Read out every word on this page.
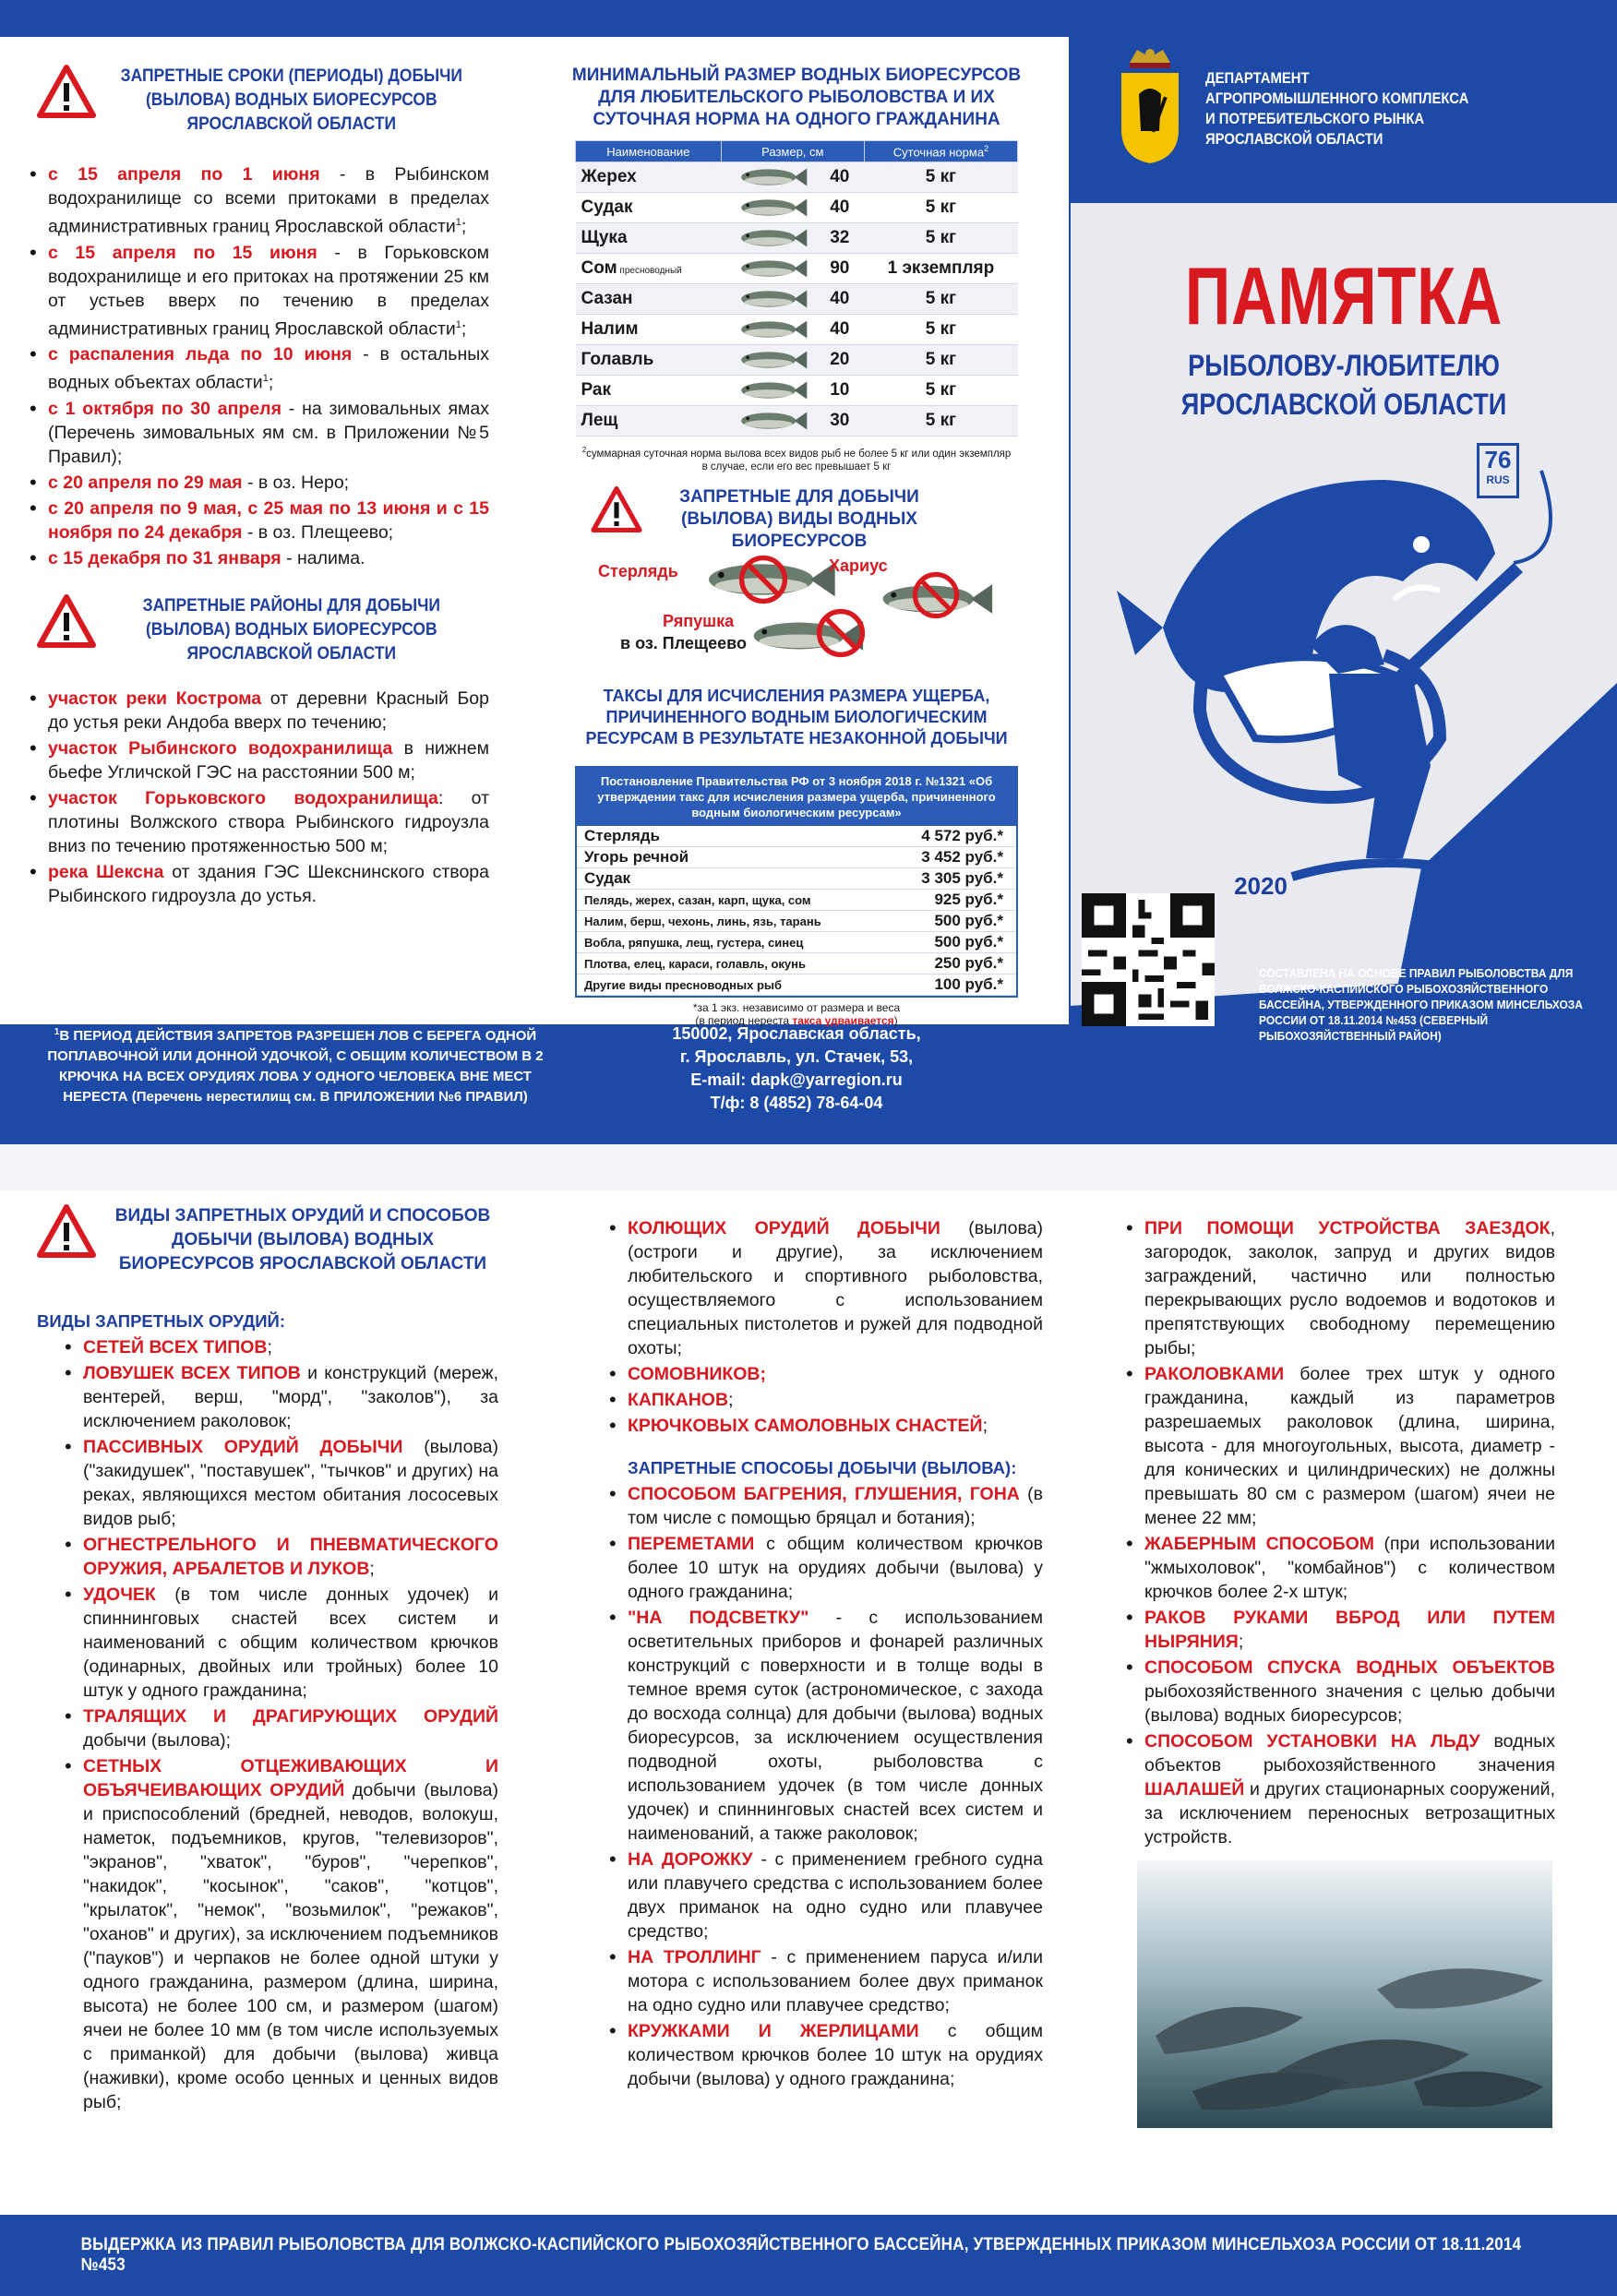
ЗАПРЕТНЫЕ СРОКИ (ПЕРИОДЫ) ДОБЫЧИ (ВЫЛОВА) ВОДНЫХ БИОРЕСУРСОВ ЯРОСЛАВСКОЙ ОБЛАСТИ
• с 15 апреля по 1 июня - в Рыбинском водохранилище со всеми притоками в пределах административных границ Ярославской области$^1$;
• с 15 апреля по 15 июня - в Горьковском водохранилище и его притоках на протяжении 25 км от устьев вверх по течению в пределах административных границ Ярославской области$^1$;
• с распаления льда по 10 июня - в остальных водных объектах области$^1$;
• с 1 октября по 30 апреля - на зимовальных ямах (Перечень зимовальных ям см. в Приложении №5 Правил);
• с 20 апреля по 29 мая - в оз. Неро;
• с 20 апреля по 9 мая, с 25 мая по 13 июня и с 15 ноября по 24 декабря - в оз. Плещеево;
• с 15 декабря по 31 января - налима.
ЗАПРЕТНЫЕ РАЙОНЫ ДЛЯ ДОБЫЧИ (ВЫЛОВА) ВОДНЫХ БИОРЕСУРСОВ ЯРОСЛАВСКОЙ ОБЛАСТИ
• участок реки Кострома от деревни Красный Бор до устья реки Андоба вверх по течению;
• участок Рыбинского водохранилища в нижнем бьефе Угличской ГЭС на расстоянии 500 м;
• участок Горьковского водохранилища: от плотины Волжского створа Рыбинского гидроузла вниз по течению протяженностью 500 м;
• река Шексна от здания ГЭС Шекснинского створа Рыбинского гидроузла до устья.
$^1$В ПЕРИОД ДЕЙСТВИЯ ЗАПРЕТОВ РАЗРЕШЕН ЛОВ С БЕРЕГА ОДНОЙ ПОПЛАВОЧНОЙ ИЛИ ДОННОЙ УДОЧКОЙ, С ОБЩИМ КОЛИЧЕСТВОМ В 2 КРЮЧКА НА ВСЕХ ОРУДИЯХ ЛОВА У ОДНОГО ЧЕЛОВЕКА ВНЕ МЕСТ НЕРЕСТА (Перечень нерестилищ см. В ПРИЛОЖЕНИИ №6 ПРАВИЛ)
МИНИМАЛЬНЫЙ РАЗМЕР ВОДНЫХ БИОРЕСУРСОВ ДЛЯ ЛЮБИТЕЛЬСКОГО РЫБОЛОВСТВА И ИХ СУТОЧНАЯ НОРМА НА ОДНОГО ГРАЖДАНИНА
Наименование	Размер, см		Суточная норма$^2$
Жерех		40	5 кг
Судак		40	5 кг
Щука		32	5 кг
Сом пресноводный		90	1 экземпляр
Сазан		40	5 кг
Налим		40	5 кг
Голавль		20	5 кг
Рак		10	5 кг
Лещ		30	5 кг
$^2$суммарная суточная норма вылова всех видов рыб не более 5 кг или один экземпляр в случае, если его вес превышает 5 кг
ЗАПРЕТНЫЕ ДЛЯ ДОБЫЧИ (ВЫЛОВА) ВИДЫ ВОДНЫХ БИОРЕСУРСОВ
Стерлядь	Хариус
Ряпушка
в оз. Плещеево
ТАКСЫ ДЛЯ ИСЧИСЛЕНИЯ РАЗМЕРА УЩЕРБА, ПРИЧИНЕННОГО ВОДНЫМ БИОЛОГИЧЕСКИМ РЕСУРСАМ В РЕЗУЛЬТАТЕ НЕЗАКОННОЙ ДОБЫЧИ
Постановление Правительства РФ от 3 ноября 2018 г. №1321 «Об утверждении такс для исчисления размера ущерба, причиненного водным биологическим ресурсам»
Стерлядь	4 572 руб.*
Угорь речной	3 452 руб.*
Судак	3 305 руб.*
Пелядь, жерех, сазан, карп, щука, сом	925 руб.*
Налим, берш, чехонь, линь, язь, тарань	500 руб.*
Вобла, ряпушка, лещ, густера, синец	500 руб.*
Плотва, елец, караси, голавль, окунь	250 руб.*
Другие виды пресноводных рыб	100 руб.*
*за 1 экз. независимо от размера и веса
(в период нереста такса удваивается)
150002, Ярославская область,
г. Ярославль, ул. Стачек, 53,
E-mail: dapk@yarregion.ru
Т/ф: 8 (4852) 78-64-04
ДЕПАРТАМЕНТ АГРОПРОМЫШЛЕННОГО КОМПЛЕКСА И ПОТРЕБИТЕЛЬСКОГО РЫНКА ЯРОСЛАВСКОЙ ОБЛАСТИ
ПАМЯТКА
РЫБОЛОВУ-ЛЮБИТЕЛЮ
ЯРОСЛАВСКОЙ ОБЛАСТИ
76
RUS
2020
СОСТАВЛЕНА НА ОСНОВЕ ПРАВИЛ РЫБОЛОВСТВА ДЛЯ ВОЛЖСКО-КАСПИЙСКОГО РЫБОХОЗЯЙСТВЕННОГО БАССЕЙНА, УТВЕРЖДЕННОГО ПРИКАЗОМ МИНСЕЛЬХОЗА РОССИИ ОТ 18.11.2014 №453 (СЕВЕРНЫЙ РЫБОХОЗЯЙСТВЕННЫЙ РАЙОН)
ВИДЫ ЗАПРЕТНЫХ ОРУДИЙ И СПОСОБОВ ДОБЫЧИ (ВЫЛОВА) ВОДНЫХ БИОРЕСУРСОВ ЯРОСЛАВСКОЙ ОБЛАСТИ
ВИДЫ ЗАПРЕТНЫХ ОРУДИЙ:
• СЕТЕЙ ВСЕХ ТИПОВ;
• ЛОВУШЕК ВСЕХ ТИПОВ и конструкций (мереж, вентерей, верш, "морд", "заколов"), за исключением раколовок;
• ПАССИВНЫХ ОРУДИЙ ДОБЫЧИ (вылова) ("закидушек", "поставушек", "тычков" и других) на реках, являющихся местом обитания лососевых видов рыб;
• ОГНЕСТРЕЛЬНОГО И ПНЕВМАТИЧЕСКОГО ОРУЖИЯ, АРБАЛЕТОВ И ЛУКОВ;
• УДОЧЕК (в том числе донных удочек) и спиннинговых снастей всех систем и наименований с общим количеством крючков (одинарных, двойных или тройных) более 10 штук у одного гражданина;
• ТРАЛЯЩИХ И ДРАГИРУЮЩИХ ОРУДИЙ добычи (вылова);
• СЕТНЫХ ОТЦЕЖИВАЮЩИХ И ОБЪЯЧЕИВАЮЩИХ ОРУДИЙ добычи (вылова) и приспособлений (бредней, неводов, волокуш, наметок, подъемников, кругов, "телевизоров", "экранов", "хваток", "буров", "черепков", "накидок", "косынок", "саков", "котцов", "крылаток", "немок", "возьмилок", "режаков", "оханов" и других), за исключением подъемников ("пауков") и черпаков не более одной штуки у одного гражданина, размером (длина, ширина, высота) не более 100 см, и размером (шагом) ячеи не более 10 мм (в том числе используемых с приманкой) для добычи (вылова) живца (наживки), кроме особо ценных и ценных видов рыб;
• КОЛЮЩИХ ОРУДИЙ ДОБЫЧИ (вылова) (остроги и другие), за исключением любительского и спортивного рыболовства, осуществляемого с использованием специальных пистолетов и ружей для подводной охоты;
• СОМОВНИКОВ;
• КАПКАНОВ;
• КРЮЧКОВЫХ САМОЛОВНЫХ СНАСТЕЙ;
ЗАПРЕТНЫЕ СПОСОБЫ ДОБЫЧИ (ВЫЛОВА):
• СПОСОБОМ БАГРЕНИЯ, ГЛУШЕНИЯ, ГОНА (в том числе с помощью бряцал и ботания);
• ПЕРЕМЕТАМИ с общим количеством крючков более 10 штук на орудиях добычи (вылова) у одного гражданина;
• "НА ПОДСВЕТКУ" - с использованием осветительных приборов и фонарей различных конструкций с поверхности и в толще воды в темное время суток (астрономическое, с захода до восхода солнца) для добычи (вылова) водных биоресурсов, за исключением осуществления подводной охоты, рыболовства с использованием удочек (в том числе донных удочек) и спиннинговых снастей всех систем и наименований, а также раколовок;
• НА ДОРОЖКУ - с применением гребного судна или плавучего средства с использованием более двух приманок на одно судно или плавучее средство;
• НА ТРОЛЛИНГ - с применением паруса и/или мотора с использованием более двух приманок на одно судно или плавучее средство;
• КРУЖКАМИ И ЖЕРЛИЦАМИ с общим количеством крючков более 10 штук на орудиях добычи (вылова) у одного гражданина;
• ПРИ ПОМОЩИ УСТРОЙСТВА ЗАЕЗДОК, загородок, заколок, запруд и других видов заграждений, частично или полностью перекрывающих русло водоемов и водотоков и препятствующих свободному перемещению рыбы;
• РАКОЛОВКАМИ более трех штук у одного гражданина, каждый из параметров разрешаемых раколовок (длина, ширина, высота - для многоугольных, высота, диаметр - для конических и цилиндрических) не должны превышать 80 см с размером (шагом) ячеи не менее 22 мм;
• ЖАБЕРНЫМ СПОСОБОМ (при использовании "жмыхоловок", "комбайнов") с количеством крючков более 2-х штук;
• РАКОВ РУКАМИ ВБРОД ИЛИ ПУТЕМ НЫРЯНИЯ;
• СПОСОБОМ СПУСКА ВОДНЫХ ОБЪЕКТОВ рыбохозяйственного значения с целью добычи (вылова) водных биоресурсов;
• СПОСОБОМ УСТАНОВКИ НА ЛЬДУ водных объектов рыбохозяйственного значения ШАЛАШЕЙ и других стационарных сооружений, за исключением переносных ветрозащитных устройств.
ВЫДЕРЖКА ИЗ ПРАВИЛ РЫБОЛОВСТВА ДЛЯ ВОЛЖСКО-КАСПИЙСКОГО РЫБОХОЗЯЙСТВЕННОГО БАССЕЙНА, УТВЕРЖДЕННЫХ ПРИКАЗОМ МИНСЕЛЬХОЗА РОССИИ ОТ 18.11.2014 №453
